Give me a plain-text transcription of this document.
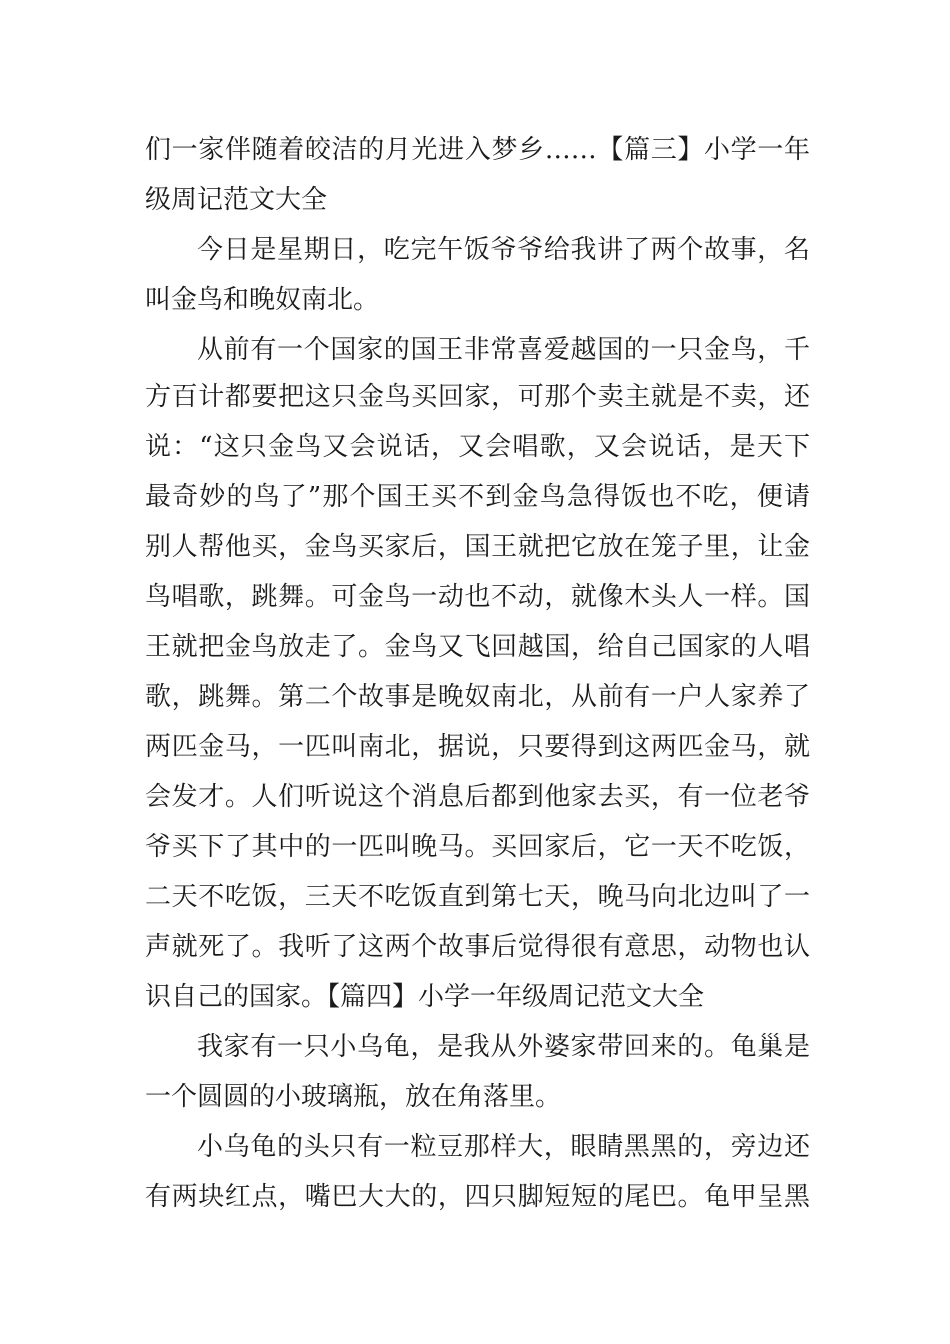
们一家伴随着皎洁的月光进入梦乡……【篇三】小学一年
级周记范文大全
今日是星期日，吃完午饭爷爷给我讲了两个故事，名
叫金鸟和晚奴南北。
从前有一个国家的国王非常喜爱越国的一只金鸟，千
方百计都要把这只金鸟买回家，可那个卖主就是不卖，还
说：“这只金鸟又会说话，又会唱歌，又会说话，是天下
最奇妙的鸟了”那个国王买不到金鸟急得饭也不吃，便请
别人帮他买，金鸟买家后，国王就把它放在笼子里，让金
鸟唱歌，跳舞。可金鸟一动也不动，就像木头人一样。国
王就把金鸟放走了。金鸟又飞回越国，给自己国家的人唱
歌，跳舞。第二个故事是晚奴南北，从前有一户人家养了
两匹金马，一匹叫南北，据说，只要得到这两匹金马，就
会发才。人们听说这个消息后都到他家去买，有一位老爷
爷买下了其中的一匹叫晚马。买回家后，它一天不吃饭，
二天不吃饭，三天不吃饭直到第七天，晚马向北边叫了一
声就死了。我听了这两个故事后觉得很有意思，动物也认
识自己的国家。【篇四】小学一年级周记范文大全
我家有一只小乌龟，是我从外婆家带回来的。龟巢是
一个圆圆的小玻璃瓶，放在角落里。
小乌龟的头只有一粒豆那样大，眼睛黑黑的，旁边还
有两块红点，嘴巴大大的，四只脚短短的尾巴。龟甲呈黑
